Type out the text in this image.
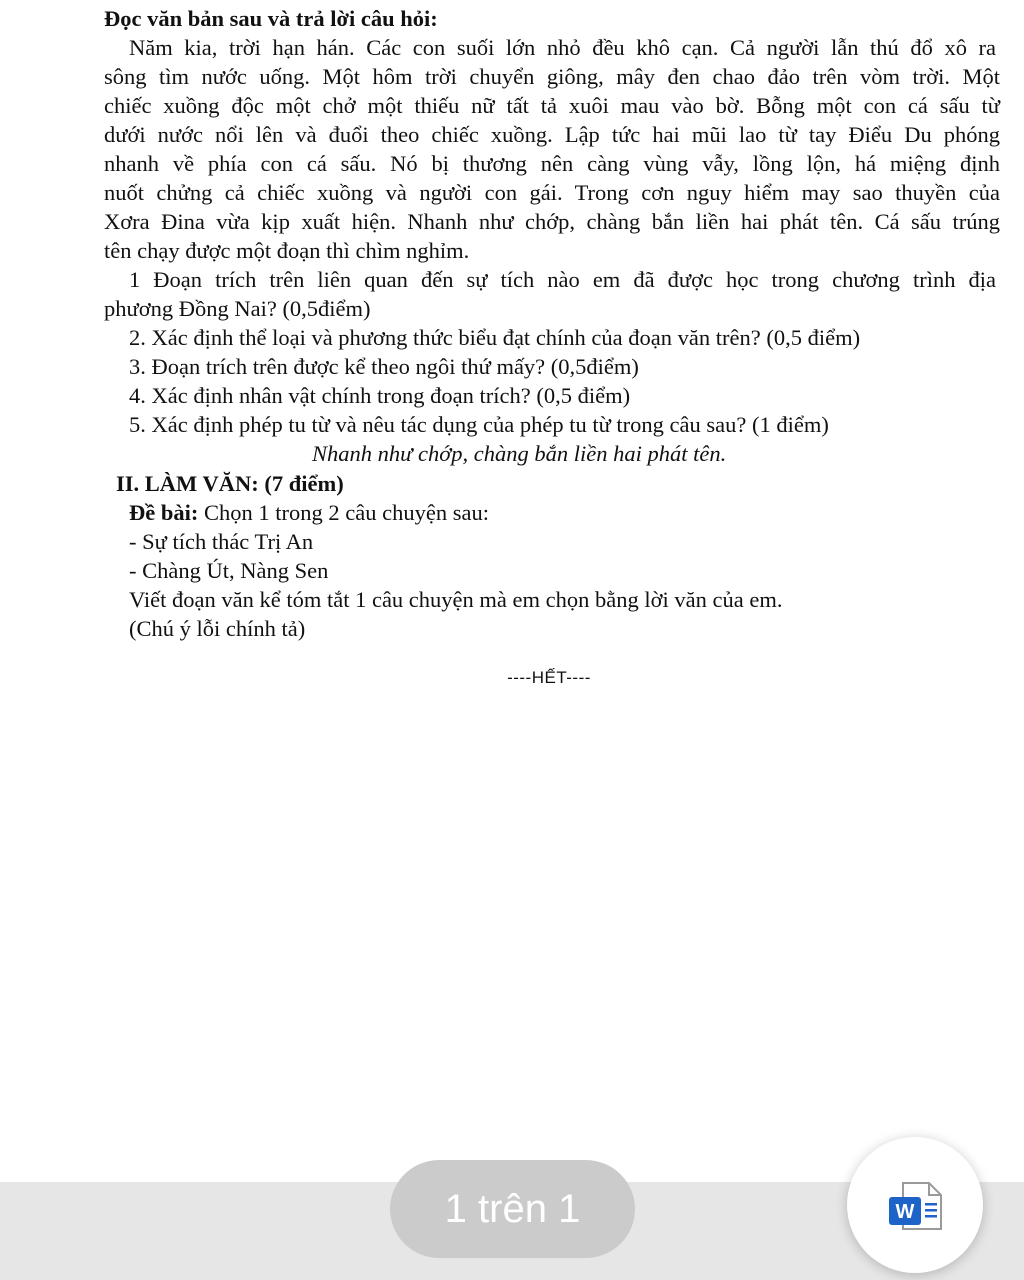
Đọc văn bản sau và trả lời câu hỏi:
Năm kia, trời hạn hán. Các con suối lớn nhỏ đều khô cạn. Cả người lẫn thú đổ xô ra
sông tìm nước uống. Một hôm trời chuyển giông, mây đen chao đảo trên vòm trời. Một
chiếc xuồng độc một chở một thiếu nữ tất tả xuôi mau vào bờ. Bỗng một con cá sấu từ
dưới nước nổi lên và đuổi theo chiếc xuồng. Lập tức hai mũi lao từ tay Điểu Du phóng
nhanh về phía con cá sấu. Nó bị thương nên càng vùng vẫy, lồng lộn, há miệng định
nuốt chửng cả chiếc xuồng và người con gái. Trong cơn nguy hiểm may sao thuyền của
Xơra Đina vừa kịp xuất hiện. Nhanh như chớp, chàng bắn liền hai phát tên. Cá sấu trúng
tên chạy được một đoạn thì chìm nghỉm.
1 Đoạn trích trên liên quan đến sự tích nào em đã được học trong chương trình địa
phương Đồng Nai? (0,5điểm)
2. Xác định thể loại và phương thức biểu đạt chính của đoạn văn trên? (0,5 điểm)
3. Đoạn trích trên được kể theo ngôi thứ mấy? (0,5điểm)
4. Xác định nhân vật chính trong đoạn trích? (0,5 điểm)
5. Xác định phép tu từ và nêu tác dụng của phép tu từ trong câu sau? (1 điểm)
Nhanh như chớp, chàng bắn liền hai phát tên.
II. LÀM VĂN: (7 điểm)
Đề bài: Chọn 1 trong 2 câu chuyện sau:
- Sự tích thác Trị An
- Chàng Út, Nàng Sen
Viết đoạn văn kể tóm tắt 1 câu chuyện mà em chọn bằng lời văn của em.
(Chú ý lỗi chính tả)
----HẾT----
1 trên 1	W
